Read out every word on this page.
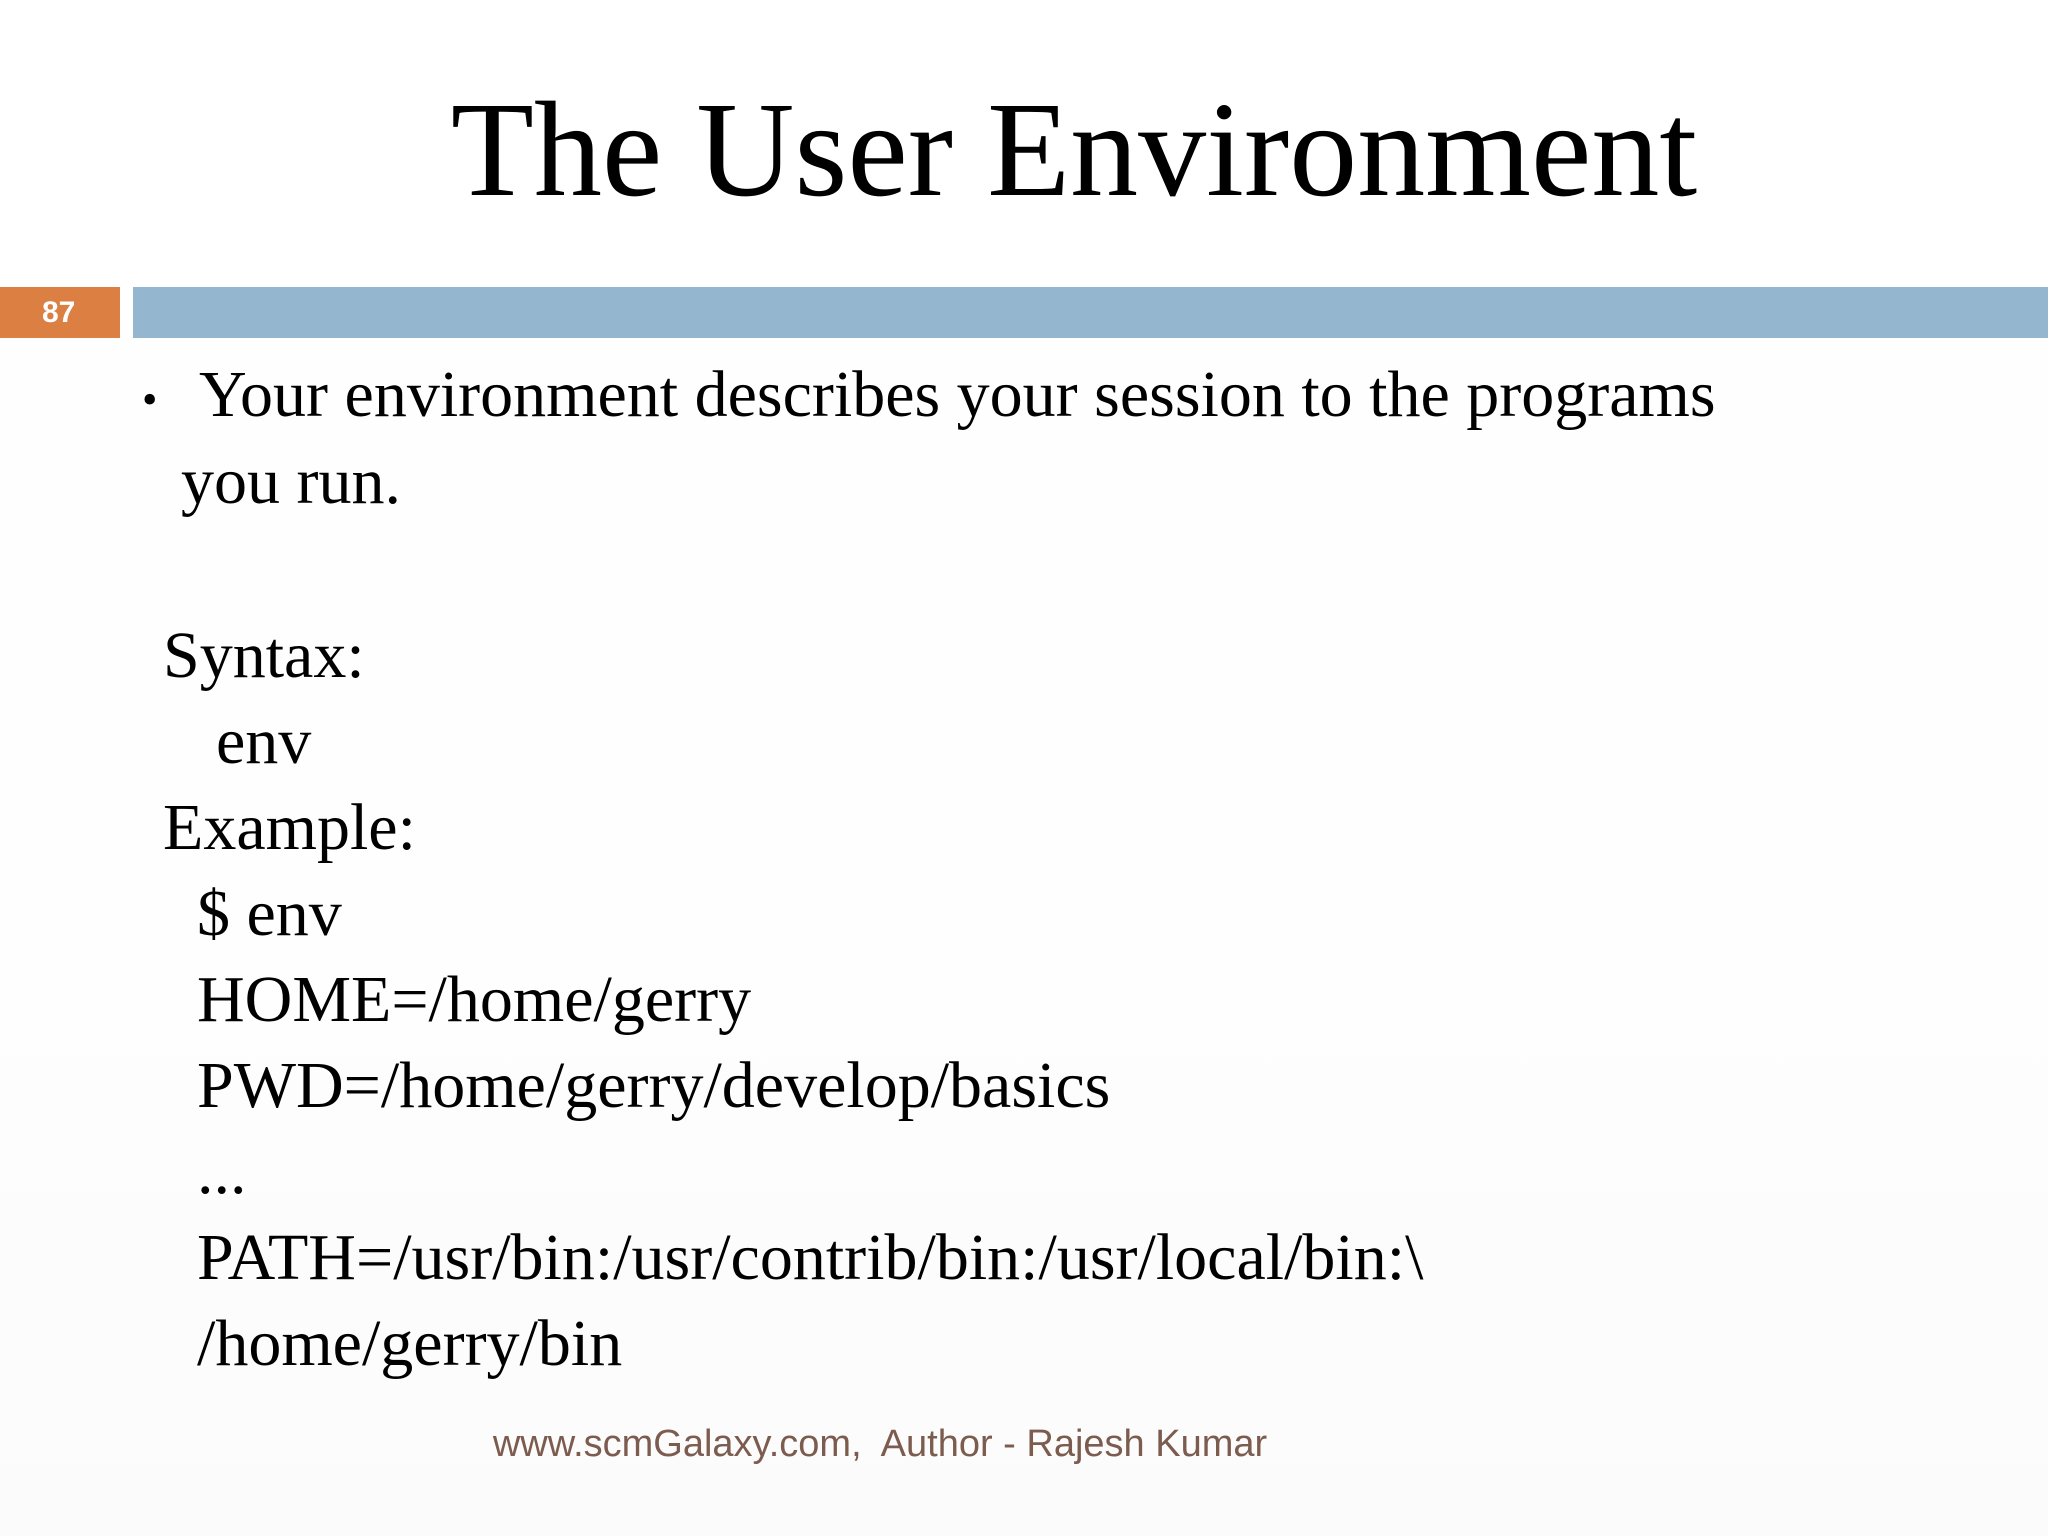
The User Environment
87
• Your environment describes your session to the programs
you run.
Syntax:
env
Example:
$ env
HOME=/home/gerry
PWD=/home/gerry/develop/basics
...
PATH=/usr/bin:/usr/contrib/bin:/usr/local/bin:\
/home/gerry/bin
www.scmGalaxy.com,  Author - Rajesh Kumar
